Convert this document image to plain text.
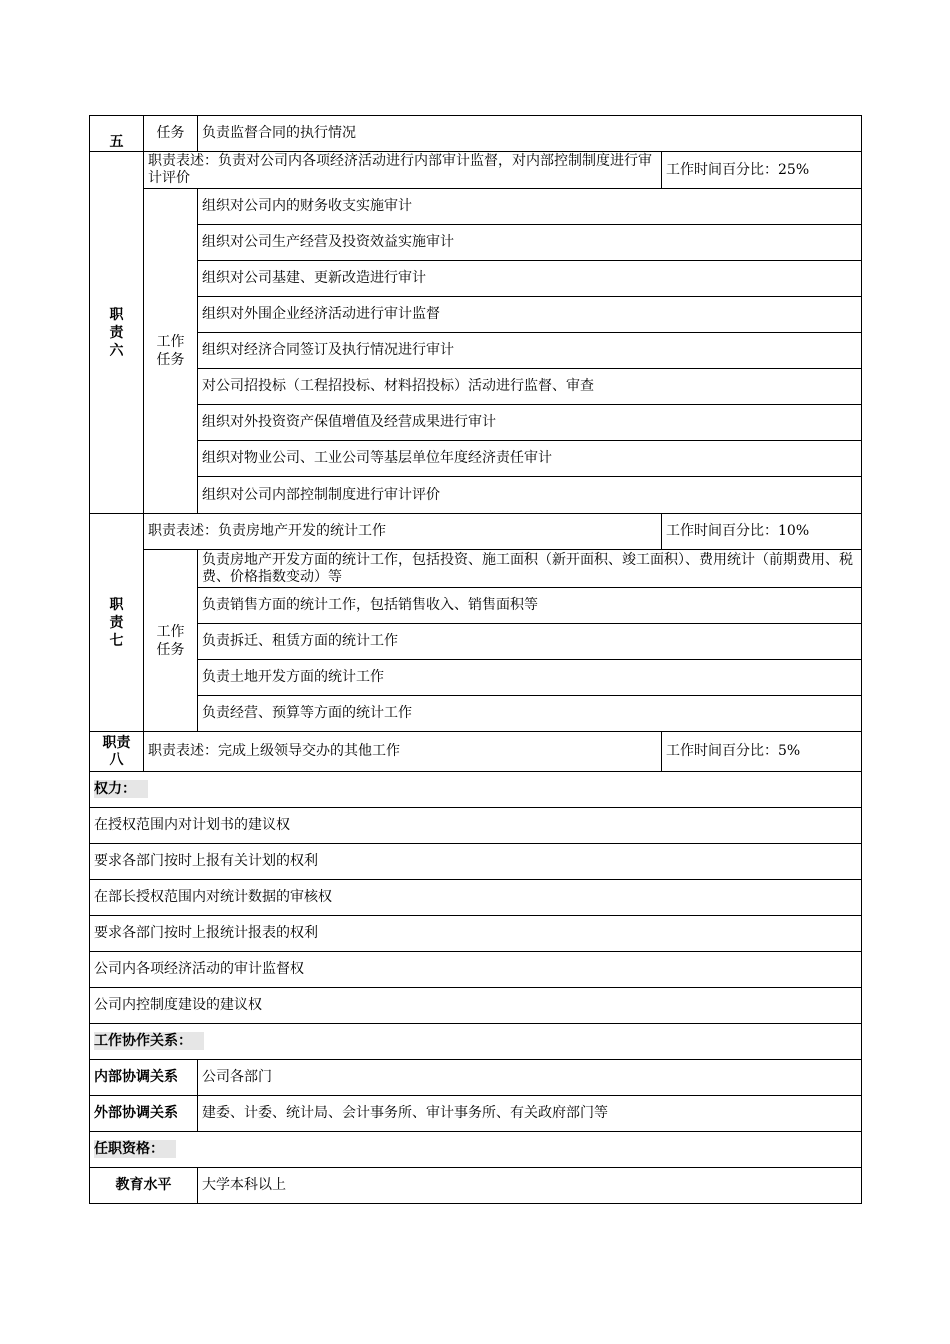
五	任务	负责监督合同的执行情况	

职责六	职责表述：负责对公司内各项经济活动进行内部审计监督，对内部控制制度进行审计评价		工作时间百分比：25%

	工作任务	组织对公司内的财务收支实施审计	
		组织对公司生产经营及投资效益实施审计	
		组织对公司基建、更新改造进行审计	
		组织对外围企业经济活动进行审计监督	
		组织对经济合同签订及执行情况进行审计	
		对公司招投标（工程招投标、材料招投标）活动进行监督、审查	
		组织对外投资资产保值增值及经营成果进行审计	
		组织对物业公司、工业公司等基层单位年度经济责任审计	
		组织对公司内部控制制度进行审计评价	

职责七	职责表述：负责房地产开发的统计工作		工作时间百分比：10%

	工作任务	负责房地产开发方面的统计工作，包括投资、施工面积（新开面积、竣工面积）、费用统计（前期费用、税费、价格指数变动）等	
		负责销售方面的统计工作，包括销售收入、销售面积等	
		负责拆迁、租赁方面的统计工作	
		负责土地开发方面的统计工作	
		负责经营、预算等方面的统计工作	

职责八	职责表述：完成上级领导交办的其他工作		工作时间百分比：5%
权力：			
在授权范围内对计划书的建议权			
要求各部门按时上报有关计划的权利			
在部长授权范围内对统计数据的审核权			
要求各部门按时上报统计报表的权利			
公司内各项经济活动的审计监督权			
公司内控制度建设的建议权			
工作协作关系：			
内部协调关系		公司各部门	
外部协调关系		建委、计委、统计局、会计事务所、审计事务所、有关政府部门等	
任职资格：			
教育水平		大学本科以上	
